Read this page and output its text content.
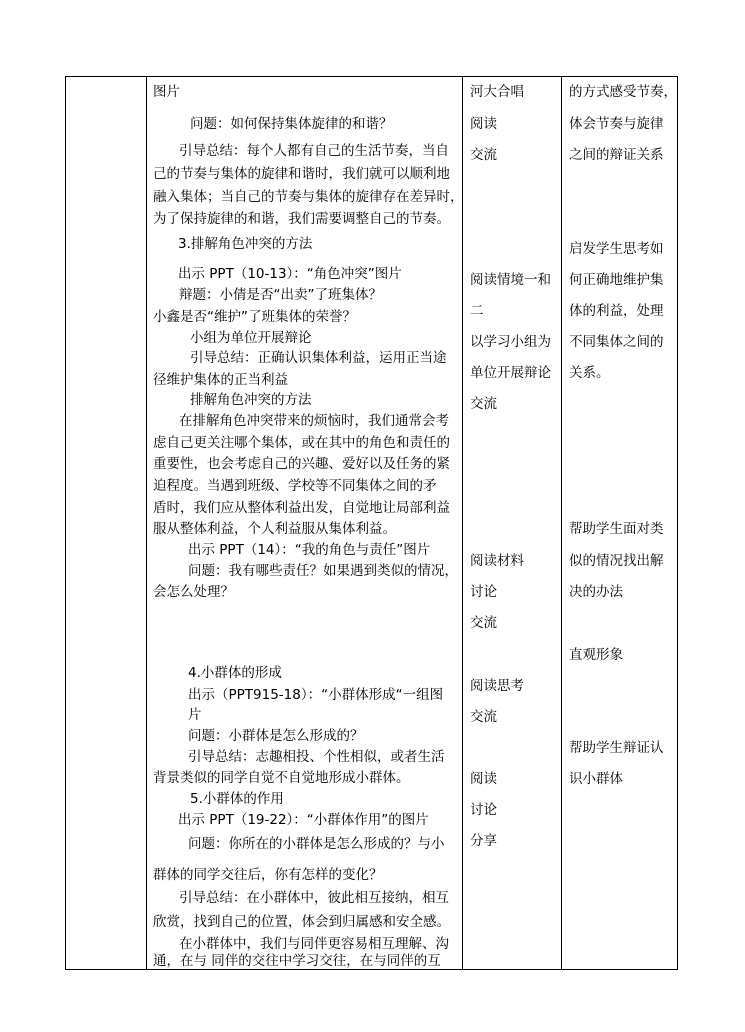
图片
问题：如何保持集体旋律的和谐？
引导总结：每个人都有自己的生活节奏，当自
己的节奏与集体的旋律和谐时，我们就可以顺利地
融入集体；当自己的节奏与集体的旋律存在差异时，
为了保持旋律的和谐，我们需要调整自己的节奏。
3.排解角色冲突的方法
出示 PPT（10-13）：“角色冲突”图片
辩题：小倩是否“出卖”了班集体？
小鑫是否“维护”了班集体的荣誉？
小组为单位开展辩论
引导总结：正确认识集体利益，运用正当途
径维护集体的正当利益
排解角色冲突的方法
在排解角色冲突带来的烦恼时，我们通常会考
虑自己更关注哪个集体，或在其中的角色和责任的
重要性，也会考虑自己的兴趣、爱好以及任务的紧
迫程度。当遇到班级、学校等不同集体之间的矛
盾时，我们应从整体利益出发，自觉地让局部利益
服从整体利益，个人利益服从集体利益。
出示 PPT（14）：“我的角色与责任”图片
问题：我有哪些责任？如果遇到类似的情况，
会怎么处理？
4.小群体的形成
出示（PPT915-18）：“小群体形成“一组图
片
问题：小群体是怎么形成的？
引导总结：志趣相投、个性相似，或者生活
背景类似的同学自觉不自觉地形成小群体。
5.小群体的作用
出示 PPT（19-22）：“小群体作用”的图片
问题：你所在的小群体是怎么形成的？与小
群体的同学交往后，你有怎样的变化？
引导总结：在小群体中，彼此相互接纳，相互
欣赏，找到自己的位置，体会到归属感和安全感。
在小群体中，我们与同伴更容易相互理解、沟
通，在与 同伴的交往中学习交往，在与同伴的互
河大合唱
阅读
交流
阅读情境一和
二
以学习小组为
单位开展辩论
交流
阅读材料
讨论
交流
阅读思考
交流
阅读
讨论
分享
的方式感受节奏，
体会节奏与旋律
之间的辩证关系
启发学生思考如
何正确地维护集
体的利益，处理
不同集体之间的
关系。
帮助学生面对类
似的情况找出解
决的办法
直观形象
帮助学生辩证认
识小群体
